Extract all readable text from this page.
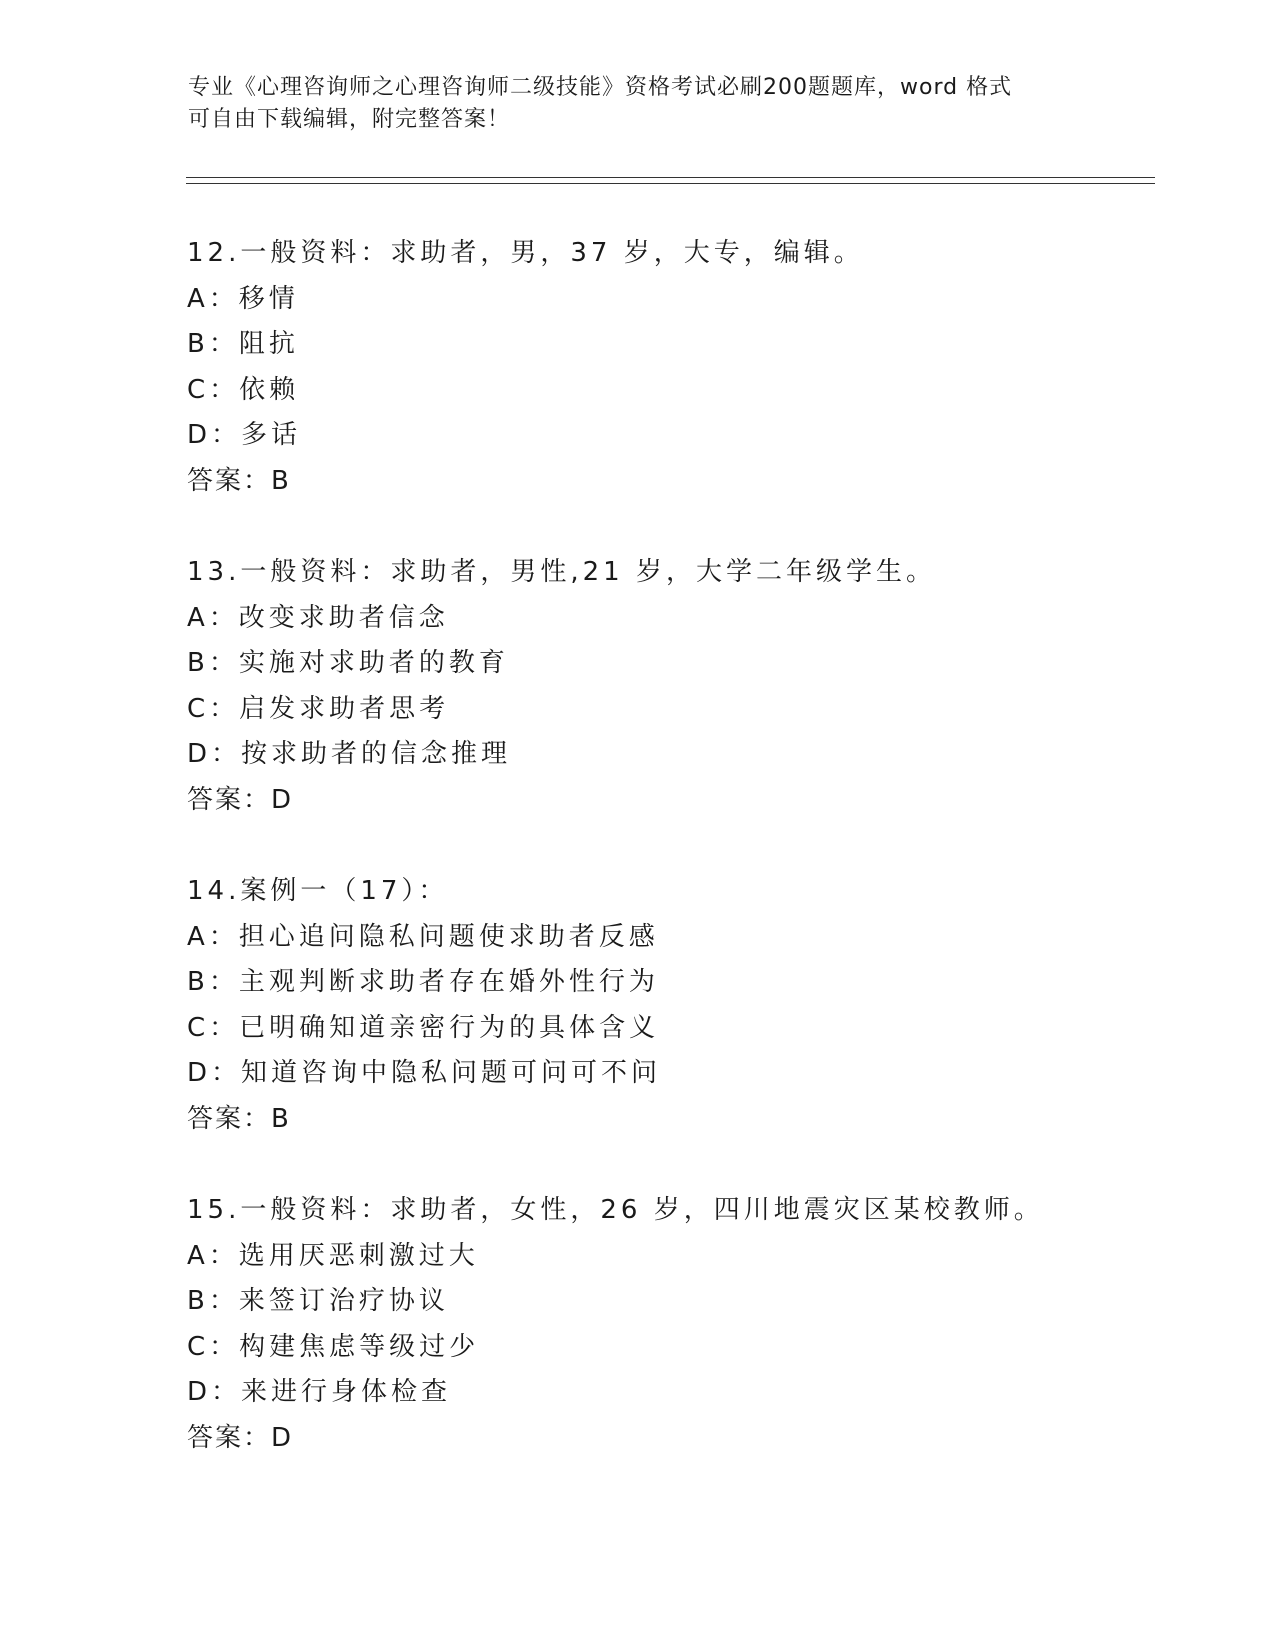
专业《心理咨询师之心理咨询师二级技能》资格考试必刷200题题库，word 格式
可自由下载编辑，附完整答案！
12.一般资料：求助者，男，37 岁，大专，编辑。
A：移情
B：阻抗
C：依赖
D：多话
答案：B
13.一般资料：求助者，男性,21 岁，大学二年级学生。
A：改变求助者信念
B：实施对求助者的教育
C：启发求助者思考
D：按求助者的信念推理
答案：D
14.案例一（17）：
A：担心追问隐私问题使求助者反感
B：主观判断求助者存在婚外性行为
C：已明确知道亲密行为的具体含义
D：知道咨询中隐私问题可问可不问
答案：B
15.一般资料：求助者，女性，26 岁，四川地震灾区某校教师。
A：选用厌恶刺激过大
B：来签订治疗协议
C：构建焦虑等级过少
D：来进行身体检查
答案：D
